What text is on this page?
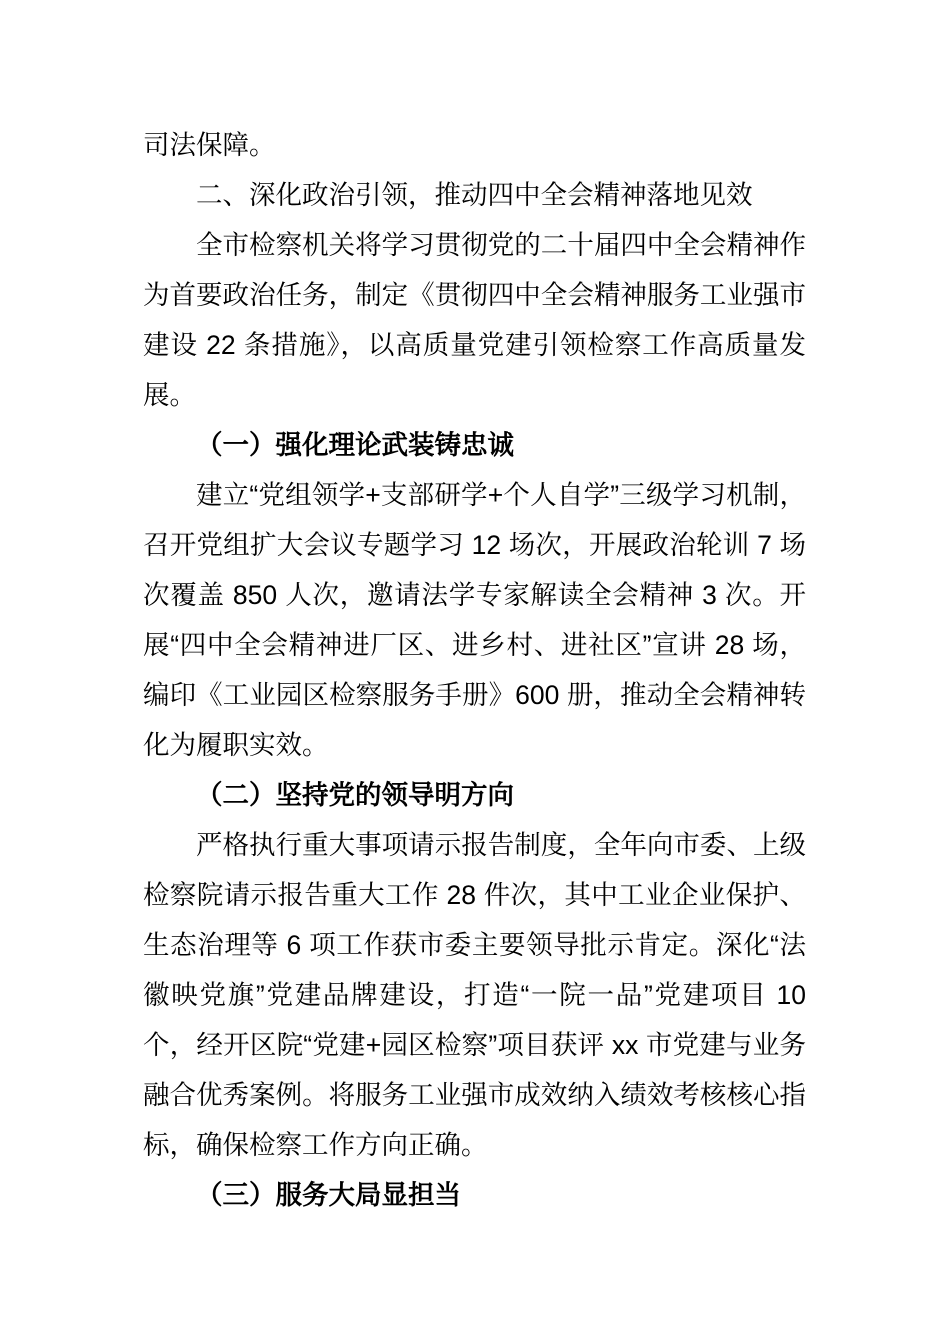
司法保障。

二、深化政治引领，推动四中全会精神落地见效

全市检察机关将学习贯彻党的二十届四中全会精神作为首要政治任务，制定《贯彻四中全会精神服务工业强市建设 22 条措施》，以高质量党建引领检察工作高质量发展。

（一）强化理论武装铸忠诚

建立“党组领学+支部研学+个人自学”三级学习机制，召开党组扩大会议专题学习 12 场次，开展政治轮训 7 场次覆盖 850 人次，邀请法学专家解读全会精神 3 次。开展“四中全会精神进厂区、进乡村、进社区”宣讲 28 场，编印《工业园区检察服务手册》600 册，推动全会精神转化为履职实效。

（二）坚持党的领导明方向

严格执行重大事项请示报告制度，全年向市委、上级检察院请示报告重大工作 28 件次，其中工业企业保护、生态治理等 6 项工作获市委主要领导批示肯定。深化“法徽映党旗”党建品牌建设，打造“一院一品”党建项目 10 个，经开区院“党建+园区检察”项目获评 xx 市党建与业务融合优秀案例。将服务工业强市成效纳入绩效考核核心指标，确保检察工作方向正确。

（三）服务大局显担当
